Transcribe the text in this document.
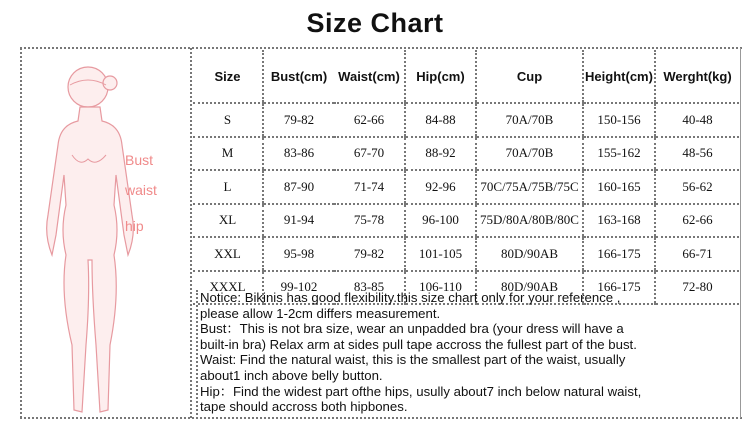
Size Chart
Bust
waist
hip
Size	Bust(cm)	Waist(cm)	Hip(cm)	Cup	Height(cm)	Werght(kg)
S	79-82	62-66	84-88	70A/70B	150-156	40-48
M	83-86	67-70	88-92	70A/70B	155-162	48-56
L	87-90	71-74	92-96	70C/75A/75B/75C	160-165	56-62
XL	91-94	75-78	96-100	75D/80A/80B/80C	163-168	62-66
XXL	95-98	79-82	101-105	80D/90AB	166-175	66-71
XXXL	99-102	83-85	106-110	80D/90AB	166-175	72-80
Notice: Bikinis has good flexibility.this size chart only for your reference ,
please allow 1-2cm differs measurement.
Bust：This is not bra size, wear an unpadded bra (your dress will have a
built-in bra) Relax arm at sides pull tape accross the fullest part of the bust.
Waist: Find the natural waist, this is the smallest part of the waist, usually
about1 inch above belly button.
Hip：Find the widest part ofthe hips, usully about7 inch below natural waist,
tape should accross both hipbones.
